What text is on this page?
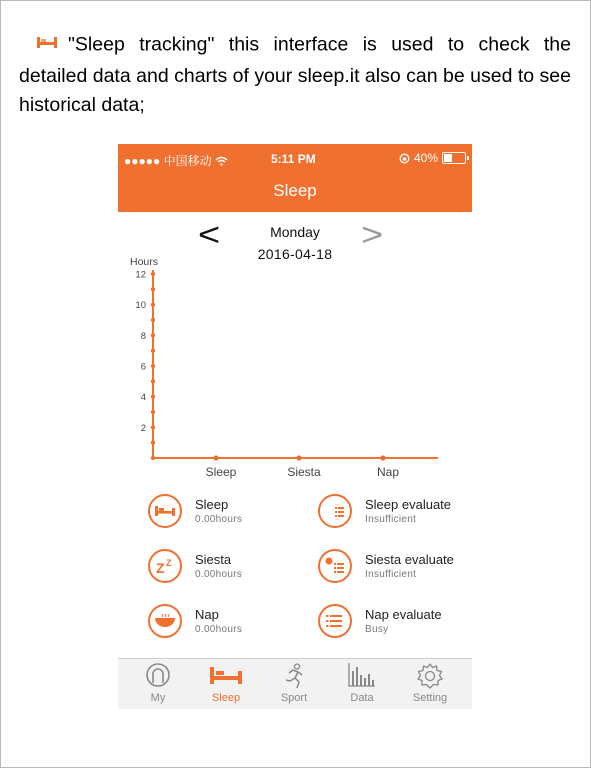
"Sleep tracking" this interface is used to check the detailed data and charts of your sleep.it also can be used to see historical data;
●●●●● 中国移动	5:11 PM	40%
Sleep
<	Monday
2016-04-18
>
Hours
2
4
6
8
10
12
Sleep	Siesta	Nap
Sleep
0.00hours
Sleep evaluate
Insufficient
Z Z Siesta
0.00hours
Siesta evaluate
Insufficient
Nap
0.00hours
Nap evaluate
Busy
My	Sleep	Sport	Data	Setting
